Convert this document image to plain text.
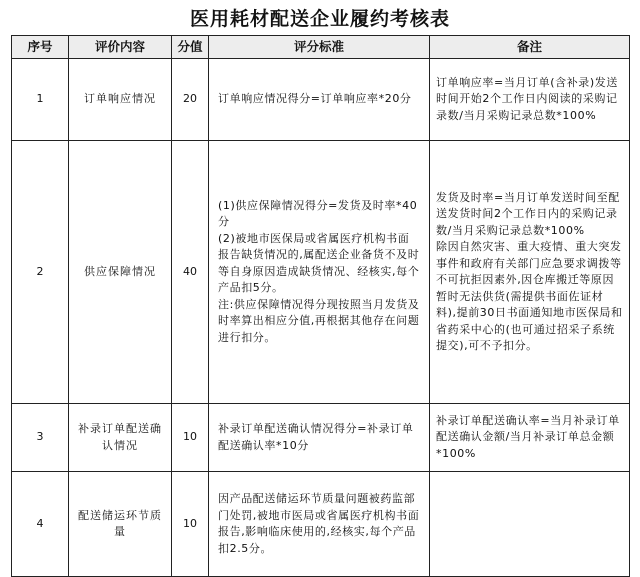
医用耗材配送企业履约考核表
序号	评价内容	分值	评分标准	备注
1	订单响应情况	20	订单响应情况得分=订单响应率*20分	订单响应率=当月订单(含补录)发送时间开始2个工作日内阅读的采购记录数/当月采购记录总数*100%

2	供应保障情况	40	(1)供应保障情况得分=发货及时率*40分
(2)被地市医保局或省属医疗机构书面报告缺货情况的,属配送企业备货不及时等自身原因造成缺货情况、经核实,每个产品扣5分。
注:供应保障情况得分现按照当月发货及时率算出相应分值,再根据其他存在问题进行扣分。	发货及时率=当月订单发送时间至配送发货时间2个工作日内的采购记录数/当月采购记录总数*100%
除因自然灾害、重大疫情、重大突发事件和政府有关部门应急要求调拨等不可抗拒因素外,因仓库搬迁等原因暂时无法供货(需提供书面佐证材料),提前30日书面通知地市医保局和省药采中心的(也可通过招采子系统提交),可不予扣分。

3	补录订单配送确认情况	10	补录订单配送确认情况得分=补录订单配送确认率*10分	补录订单配送确认率=当月补录订单配送确认金额/当月补录订单总金额*100%

4	配送储运环节质量	10	因产品配送储运环节质量问题被药监部门处罚,被地市医局或省属医疗机构书面报告,影响临床使用的,经核实,每个产品扣2.5分。	
